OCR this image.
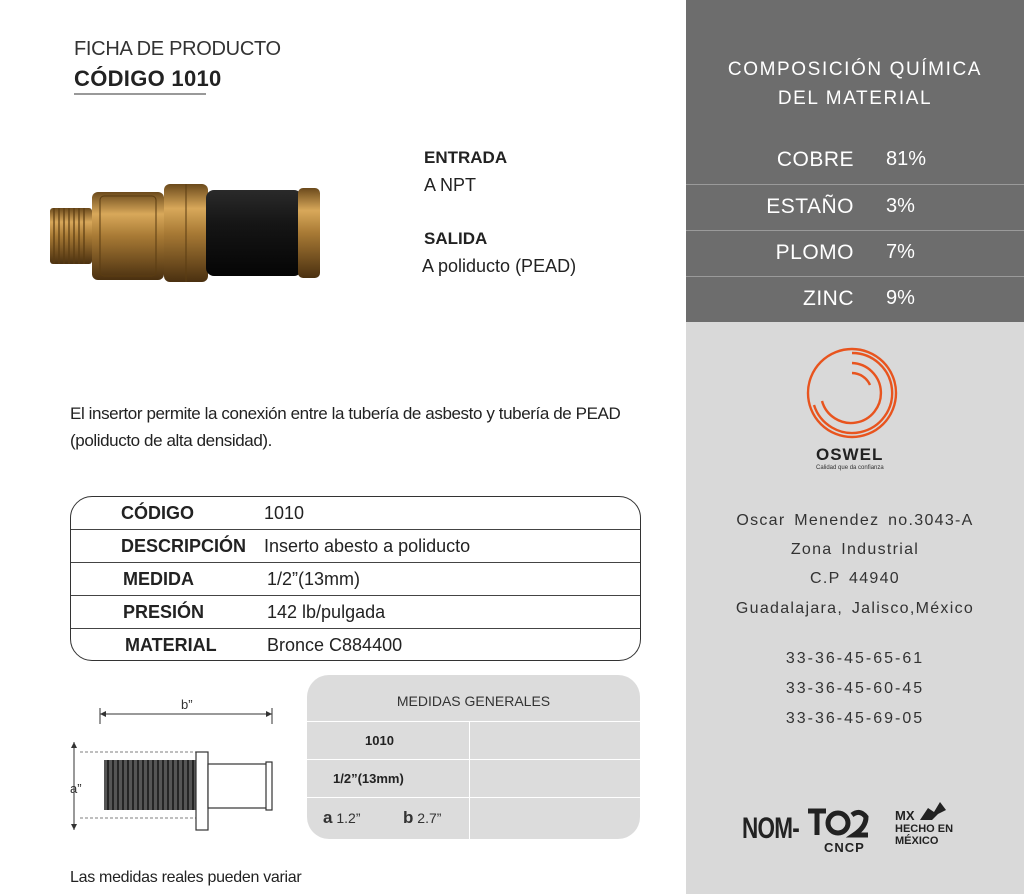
FICHA DE PRODUCTO
CÓDIGO 1010
ENTRADA
A NPT
SALIDA
A poliducto (PEAD)
El insertor permite la conexión entre la tubería de asbesto y tubería de PEAD (poliducto de alta densidad).
CÓDIGO	1010
DESCRIPCIÓN Inserto abesto a poliducto
MEDIDA	1/2”(13mm)
PRESIÓN	142 lb/pulgada
MATERIAL	Bronce C884400
b”
a”
MEDIDAS GENERALES
1010
1/2”(13mm)
a 1.2”	b 2.7”
Las medidas reales pueden variar
COMPOSICIÓN QUÍMICA
DEL MATERIAL
COBRE 81%
ESTAÑO 3%
PLOMO 7%
ZINC 9%
OSWEL
Calidad que da confianza
Oscar Menendez no.3043-A
Zona Industrial
C.P 44940
Guadalajara, Jalisco,México
33-36-45-65-61
33-36-45-60-45
33-36-45-69-05
NOM-
CNCP
MX
HECHO EN
MÉXICO
